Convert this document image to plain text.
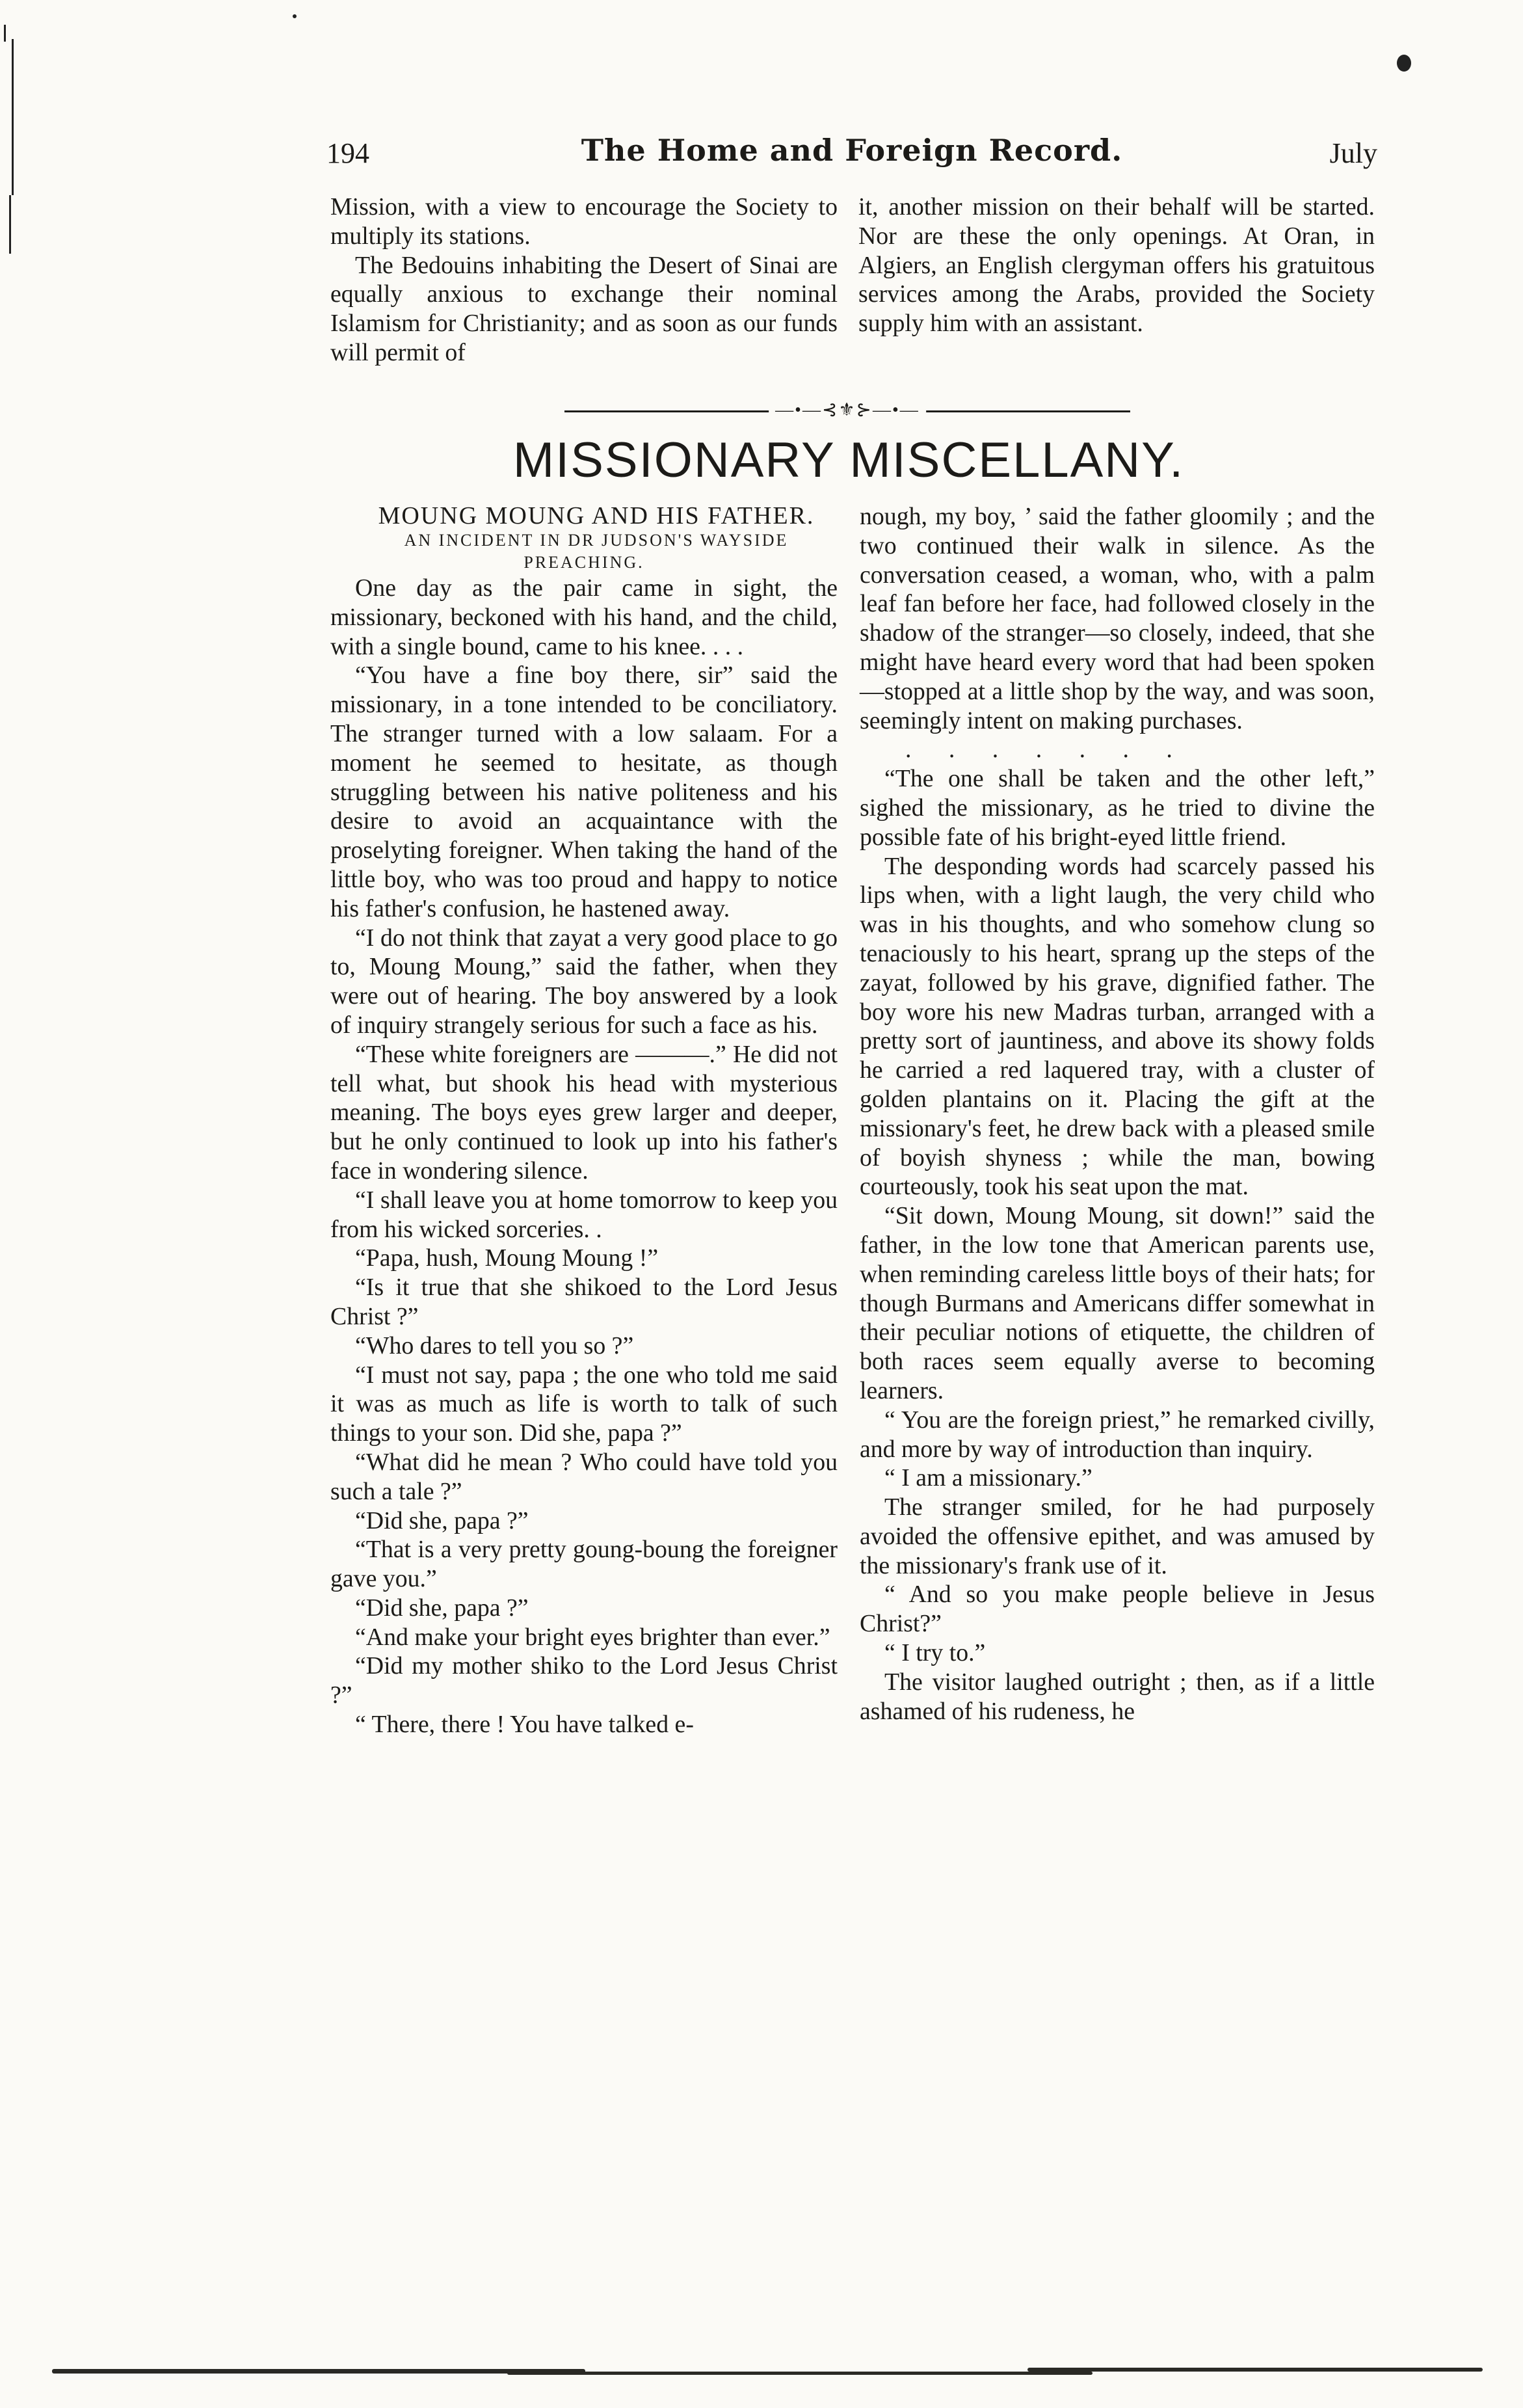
194	The Home and Foreign Record.	July

Mission, with a view to encourage the Society to multiply its stations.

The Bedouins inhabiting the Desert of Sinai are equally anxious to exchange their nominal Islamism for Christianity; and as soon as our funds will permit of

it, another mission on their behalf will be started. Nor are these the only openings. At Oran, in Algiers, an English clergyman offers his gratuitous services among the Arabs, provided the Society supply him with an assistant.

—•—⊰⚜⊱—•—
MISSIONARY MISCELLANY.

MOUNG MOUNG AND HIS FATHER.

AN INCIDENT IN DR JUDSON'S WAYSIDE PREACHING.

One day as the pair came in sight, the missionary, beckoned with his hand, and the child, with a single bound, came to his knee. . . .

“You have a fine boy there, sir” said the missionary, in a tone intended to be conciliatory. The stranger turned with a low salaam. For a moment he seemed to hesitate, as though struggling between his native politeness and his desire to avoid an acquaintance with the proselyting foreigner. When taking the hand of the little boy, who was too proud and happy to notice his father's confusion, he hastened away.

“I do not think that zayat a very good place to go to, Moung Moung,” said the father, when they were out of hearing. The boy answered by a look of inquiry strangely serious for such a face as his.

“These white foreigners are ———.” He did not tell what, but shook his head with mysterious meaning. The boys eyes grew larger and deeper, but he only continued to look up into his father's face in wondering silence.

“I shall leave you at home tomorrow to keep you from his wicked sorceries. .

“Papa, hush, Moung Moung !”

“Is it true that she shikoed to the Lord Jesus Christ ?”

“Who dares to tell you so ?”

“I must not say, papa ; the one who told me said it was as much as life is worth to talk of such things to your son. Did she, papa ?”

“What did he mean ? Who could have told you such a tale ?”

“Did she, papa ?”

“That is a very pretty goung-boung the foreigner gave you.”

“Did she, papa ?”

“And make your bright eyes brighter than ever.”

“Did my mother shiko to the Lord Jesus Christ ?”

“ There, there ! You have talked e-

nough, my boy, ’ said the father gloomily ; and the two continued their walk in silence. As the conversation ceased, a woman, who, with a palm leaf fan before her face, had followed closely in the shadow of the stranger—so closely, indeed, that she might have heard every word that had been spoken—stopped at a little shop by the way, and was soon, seemingly intent on making purchases.

. . . . . . .

“The one shall be taken and the other left,” sighed the missionary, as he tried to divine the possible fate of his bright-eyed little friend.

The desponding words had scarcely passed his lips when, with a light laugh, the very child who was in his thoughts, and who somehow clung so tenaciously to his heart, sprang up the steps of the zayat, followed by his grave, dignified father. The boy wore his new Madras turban, arranged with a pretty sort of jauntiness, and above its showy folds he carried a red laquered tray, with a cluster of golden plantains on it. Placing the gift at the missionary's feet, he drew back with a pleased smile of boyish shyness ; while the man, bowing courteously, took his seat upon the mat.

“Sit down, Moung Moung, sit down!” said the father, in the low tone that American parents use, when reminding careless little boys of their hats; for though Burmans and Americans differ somewhat in their peculiar notions of etiquette, the children of both races seem equally averse to becoming learners.

“ You are the foreign priest,” he remarked civilly, and more by way of introduction than inquiry.

“ I am a missionary.”

The stranger smiled, for he had purposely avoided the offensive epithet, and was amused by the missionary's frank use of it.

“ And so you make people believe in Jesus Christ?”

“ I try to.”

The visitor laughed outright ; then, as if a little ashamed of his rudeness, he
